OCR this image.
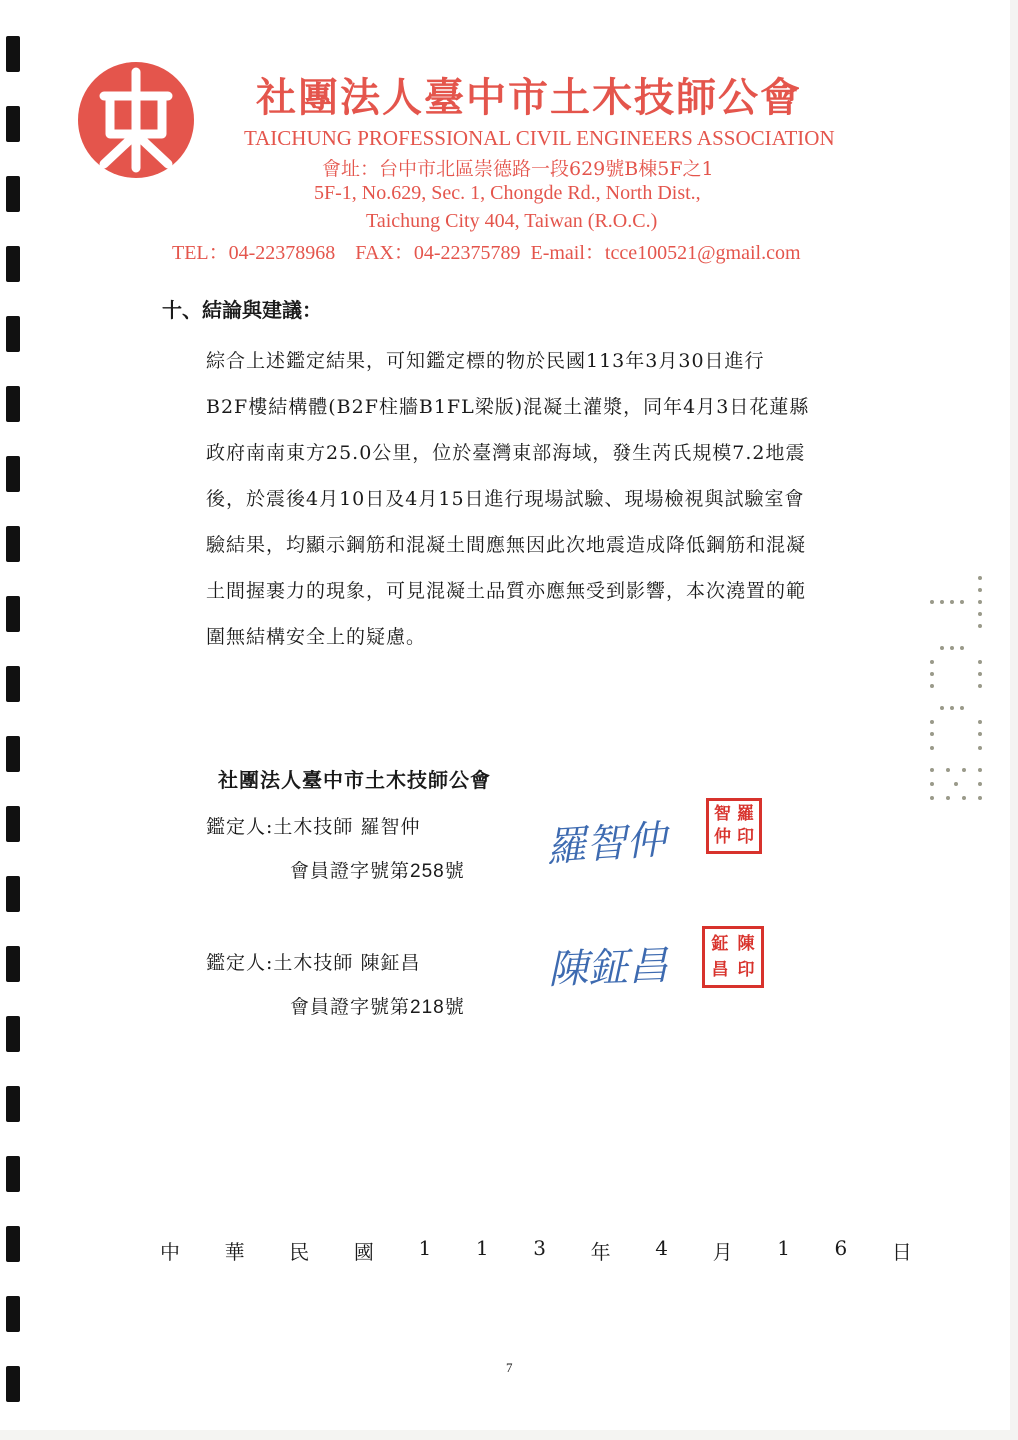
社團法人臺中市土木技師公會
TAICHUNG PROFESSIONAL CIVIL ENGINEERS ASSOCIATION
會址：台中市北區崇德路一段629號B棟5F之1
5F-1, No.629, Sec. 1, Chongde Rd., North Dist.,
Taichung City 404, Taiwan (R.O.C.)
TEL：04-22378968    FAX：04-22375789  E-mail：tcce100521@gmail.com
十、結論與建議：
綜合上述鑑定結果，可知鑑定標的物於民國113年3月30日進行
B2F樓結構體(B2F柱牆B1FL梁版)混凝土灌漿，同年4月3日花蓮縣
政府南南東方25.0公里，位於臺灣東部海域，發生芮氏規模7.2地震
後，於震後4月10日及4月15日進行現場試驗、現場檢視與試驗室會
驗結果，均顯示鋼筋和混凝土間應無因此次地震造成降低鋼筋和混凝
土間握裹力的現象，可見混凝土品質亦應無受到影響，本次澆置的範
圍無結構安全上的疑慮。
社團法人臺中市土木技師公會
鑑定人:土木技師 羅智仲
會員證字號第258號 羅智仲
智 羅
仲 印
鑑定人:土木技師 陳鉦昌
會員證字號第218號
陳鉦昌	鉦 陳
昌 印
中 華 民 國 1 1 3 年 4 月 1 6 日
7
